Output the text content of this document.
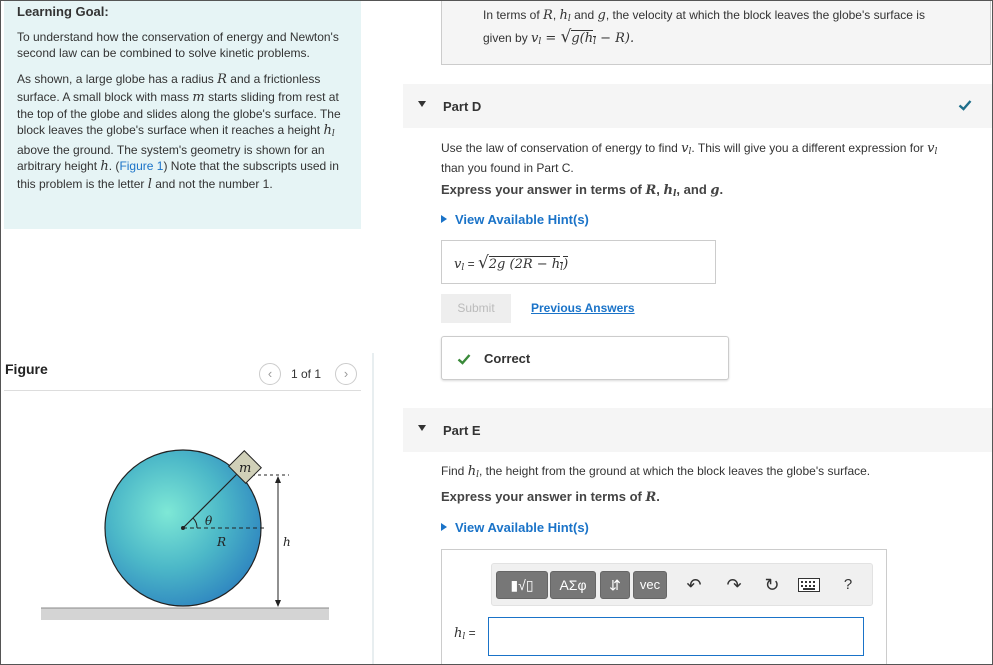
Learning Goal:

To understand how the conservation of energy and Newton's second law can be combined to solve kinetic problems.

As shown, a large globe has a radius R and a frictionless surface. A small block with mass m starts sliding from rest at the top of the globe and slides along the globe's surface. The block leaves the globe's surface when it reaches a height $h_l$ above the ground. The system's geometry is shown for an arbitrary height h. (Figure 1) Note that the subscripts used in this problem is the letter l and not the number 1.

Figure	‹	1 of 1	›
m
θ
R	h
In terms of R, $h_l$ and g, the velocity at which the block leaves the globe's surface is
given by $v_l = √g(h_l - R)$.
Part D
Use the law of conservation of energy to find $v_l$. This will give you a different expression for $v_l$
than you found in Part C.
Express your answer in terms of R, $h_l$, and g.
View Available Hint(s)
$v_l = √2g$ $(2R - h_l)$
Submit	Previous Answers
Correct
Part E
Find $h_l$, the height from the ground at which the block leaves the globe's surface.
Express your answer in terms of R.
View Available Hint(s)
▮√▯	ΑΣφ	⇵	vec	↶ ↷ ↻	?
$h_l$ =
